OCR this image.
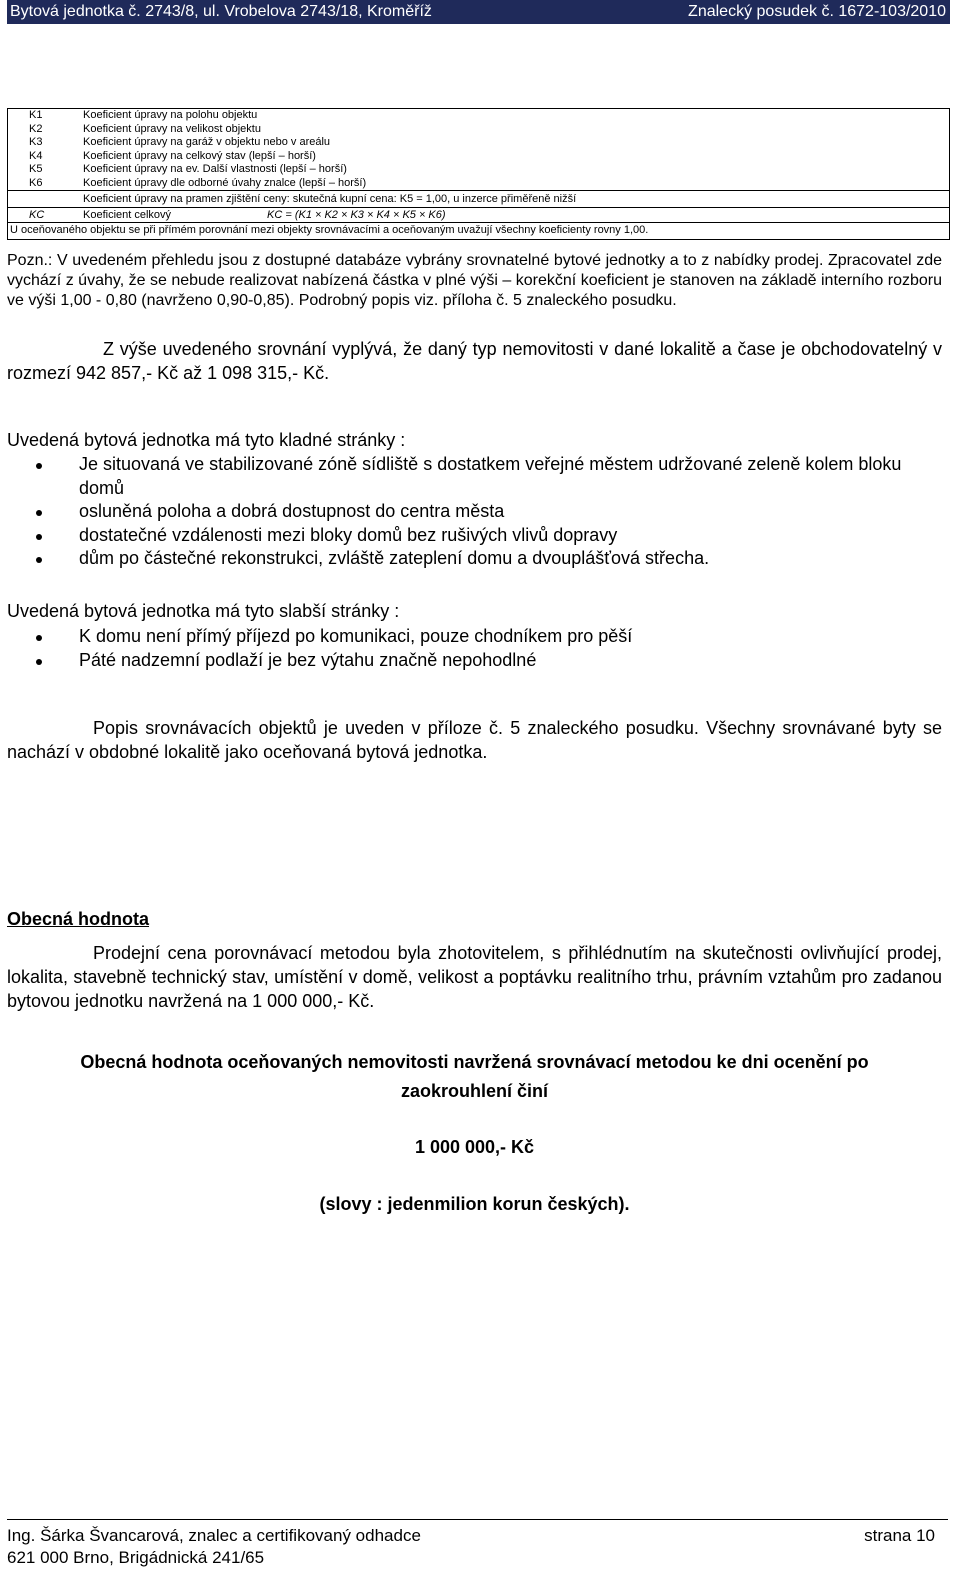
Bytová jednotka č. 2743/8, ul. Vrobelova 2743/18, Kroměříž	Znalecký posudek č. 1672-103/2010
K1	Koeficient úpravy na polohu objektu
K2	Koeficient úpravy na velikost objektu
K3	Koeficient úpravy na garáž v objektu nebo v areálu
K4	Koeficient úpravy na celkový stav (lepší – horší)
K5	Koeficient úpravy na ev. Další vlastnosti (lepší – horší)
K6	Koeficient úpravy dle odborné úvahy znalce (lepší – horší)
	Koeficient úpravy na pramen zjištění ceny: skutečná kupní cena: K5 = 1,00, u inzerce přiměřeně nižší
KC	Koeficient celkový KC = (K1 × K2 × K3 × K4 × K5 × K6)
U oceňovaného objektu se při přímém porovnání mezi objekty srovnávacími a oceňovaným uvažují všechny koeficienty rovny 1,00.	
Pozn.: V uvedeném přehledu jsou z dostupné databáze vybrány srovnatelné bytové jednotky a to z nabídky prodej. Zpracovatel zde vychází z úvahy, že se nebude realizovat nabízená částka v plné výši – korekční koeficient je stanoven na základě interního rozboru ve výši 1,00 - 0,80 (navrženo 0,90-0,85). Podrobný popis viz. příloha č. 5 znaleckého posudku.
Z výše uvedeného srovnání vyplývá, že daný typ nemovitosti v dané lokalitě a čase je obchodovatelný v rozmezí 942 857,- Kč až 1 098 315,- Kč.
Uvedená bytová jednotka má tyto kladné stránky :
Je situovaná ve stabilizované zóně sídliště s dostatkem veřejné městem udržované zeleně kolem bloku domů
osluněná poloha a dobrá dostupnost do centra města
dostatečné vzdálenosti mezi bloky domů bez rušivých vlivů dopravy
dům po částečné rekonstrukci, zvláště zateplení domu a dvouplášťová střecha.
Uvedená bytová jednotka má tyto slabší stránky :
K domu není přímý příjezd po komunikaci, pouze chodníkem pro pěší
Páté nadzemní podlaží je bez výtahu značně nepohodlné
Popis srovnávacích objektů je uveden v příloze č. 5 znaleckého posudku. Všechny srovnávané byty se nachází v obdobné lokalitě jako oceňovaná bytová jednotka.
Obecná hodnota
Prodejní cena porovnávací metodou byla zhotovitelem, s přihlédnutím na skutečnosti ovlivňující prodej, lokalita, stavebně technický stav, umístění v domě, velikost a poptávku realitního trhu, právním vztahům pro zadanou bytovou jednotku navržená na 1 000 000,- Kč.
Obecná hodnota oceňovaných nemovitosti navržená srovnávací metodou ke dni ocenění po
zaokrouhlení činí
1 000 000,- Kč
(slovy : jedenmilion korun českých).
Ing. Šárka Švancarová, znalec a certifikovaný odhadce	strana 10
621 000 Brno, Brigádnická 241/65
